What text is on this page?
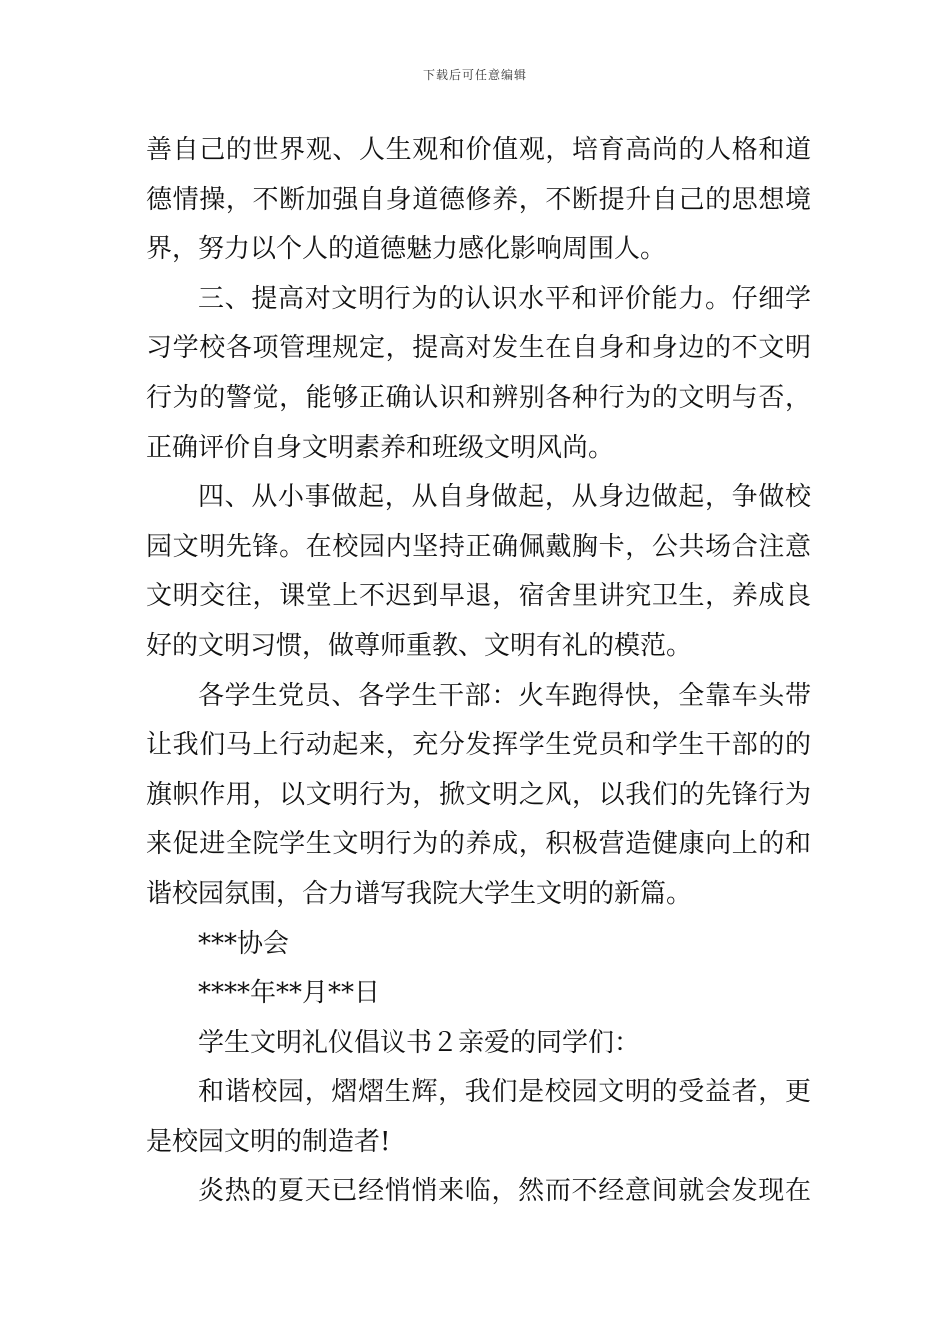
下载后可任意编辑
善自己的世界观、人生观和价值观，培育高尚的人格和道
德情操，不断加强自身道德修养，不断提升自己的思想境
界，努力以个人的道德魅力感化影响周围人。
三、提高对文明行为的认识水平和评价能力。仔细学
习学校各项管理规定，提高对发生在自身和身边的不文明
行为的警觉，能够正确认识和辨别各种行为的文明与否，
正确评价自身文明素养和班级文明风尚。
四、从小事做起，从自身做起，从身边做起，争做校
园文明先锋。在校园内坚持正确佩戴胸卡，公共场合注意
文明交往，课堂上不迟到早退，宿舍里讲究卫生，养成良
好的文明习惯，做尊师重教、文明有礼的模范。
各学生党员、各学生干部：火车跑得快，全靠车头带
让我们马上行动起来，充分发挥学生党员和学生干部的的
旗帜作用，以文明行为，掀文明之风，以我们的先锋行为
来促进全院学生文明行为的养成，积极营造健康向上的和
谐校园氛围，合力谱写我院大学生文明的新篇。
***协会
****年**月**日
学生文明礼仪倡议书２亲爱的同学们：
和谐校园，熠熠生辉，我们是校园文明的受益者，更
是校园文明的制造者!
炎热的夏天已经悄悄来临，然而不经意间就会发现在
